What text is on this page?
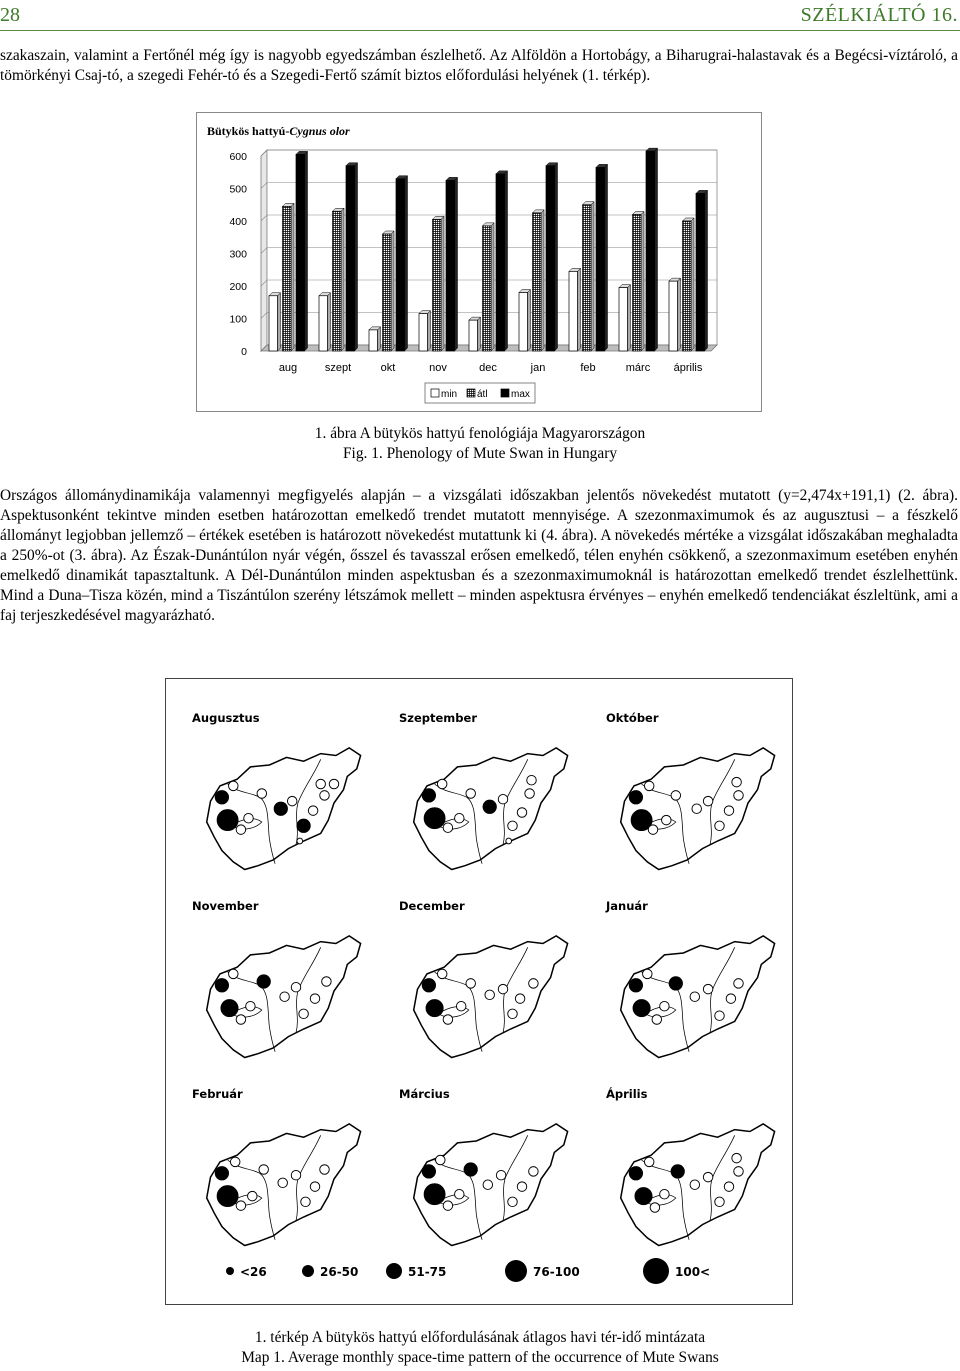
28	SZÉLKIÁLTÓ 16.

szakaszain, valamint a Fertőnél még így is nagyobb egyedszámban észlelhető. Az Alföldön a Hortobágy, a Biharugrai-halastavak és a Begécsi-víztároló, a tömörkényi Csaj-tó, a szegedi Fehér-tó és a Szegedi-Fertő számít biztos előfordulási helyének (1. térkép).

Bütykös hattyú-Cygnus olor
0
100
200
300
400
500
600
aug	szept	okt	nov	dec	jan	feb	márc április
min átl max
1. ábra A bütykös hattyú fenológiája Magyarországon
Fig. 1. Phenology of Mute Swan in Hungary

Országos állománydinamikája valamennyi megfigyelés alapján – a vizsgálati időszakban jelentős növekedést mutatott (y=2,474x+191,1) (2. ábra). Aspektusonként tekintve minden esetben határozottan emelkedő trendet mutatott mennyisége. A szezonmaximumok és az augusztusi – a fészkelő állományt legjobban jellemző – értékek esetében is határozott növekedést mutattunk ki (4. ábra). A növekedés mértéke a vizsgálat időszakában meghaladta a 250%-ot (3. ábra). Az Észak-Dunántúlon nyár végén, ősszel és tavasszal erősen emelkedő, télen enyhén csökkenő, a szezonmaximum esetében enyhén emelkedő dinamikát tapasztaltunk. A Dél-Dunántúlon minden aspektusban és a szezonmaximumoknál is határozottan emelkedő trendet észlelhettünk. Mind a Duna–Tisza közén, mind a Tiszántúlon szerény létszámok mellett – minden aspektusra érvényes – enyhén emelkedő tendenciákat észleltünk, ami a faj terjeszkedésével magyarázható.

Augusztus	Szeptember	Október
November	December	Január
Február	Március	Április
<26	26-50	51-75	76-100	100<
1. térkép A bütykös hattyú előfordulásának átlagos havi tér-idő mintázata
Map 1. Average monthly space-time pattern of the occurrence of Mute Swans
